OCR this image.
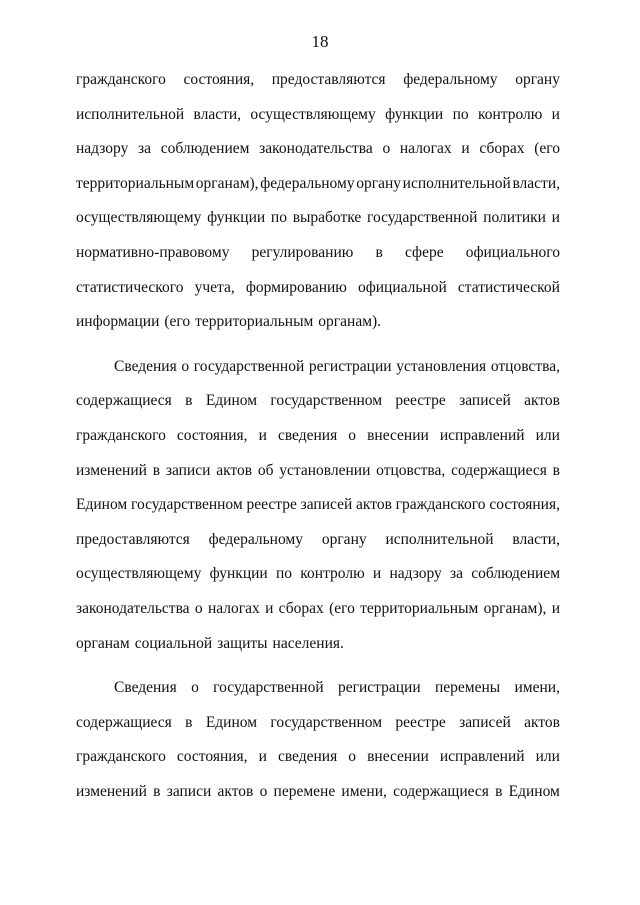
18
гражданского состояния, предоставляются федеральному органу
исполнительной власти, осуществляющему функции по контролю и
надзору за соблюдением законодательства о налогах и сборах (его
территориальным органам), федеральному органу исполнительной власти,
осуществляющему функции по выработке государственной политики и
нормативно-правовому регулированию в сфере официального
статистического учета, формированию официальной статистической
информации (его территориальным органам).
Сведения о государственной регистрации установления отцовства,
содержащиеся в Едином государственном реестре записей актов
гражданского состояния, и сведения о внесении исправлений или
изменений в записи актов об установлении отцовства, содержащиеся в
Едином государственном реестре записей актов гражданского состояния,
предоставляются федеральному органу исполнительной власти,
осуществляющему функции по контролю и надзору за соблюдением
законодательства о налогах и сборах (его территориальным органам), и
органам социальной защиты населения.
Сведения о государственной регистрации перемены имени,
содержащиеся в Едином государственном реестре записей актов
гражданского состояния, и сведения о внесении исправлений или
изменений в записи актов о перемене имени, содержащиеся в Едином
